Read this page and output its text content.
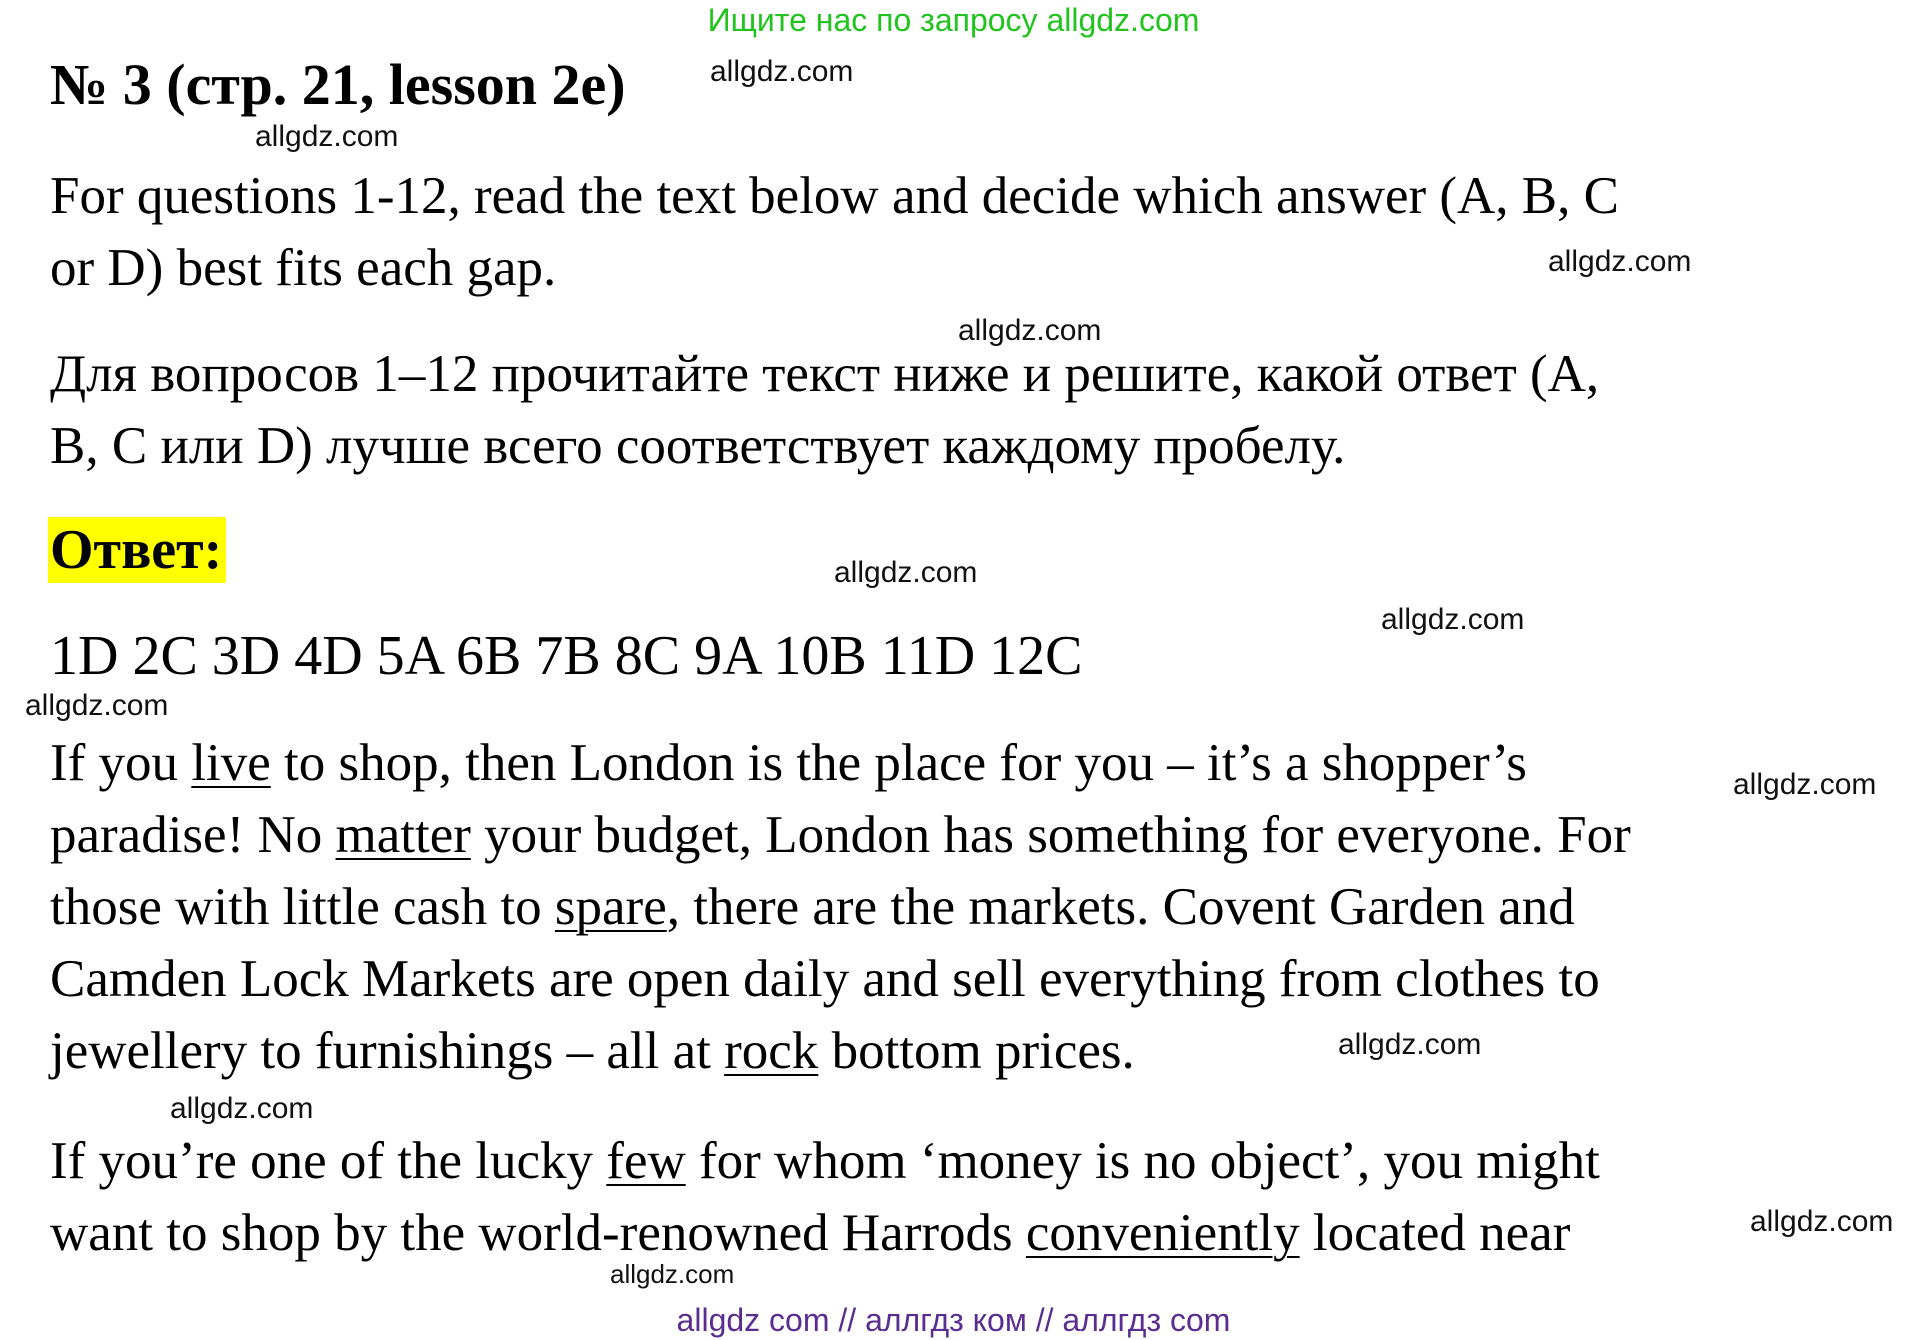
Ищите нас по запросу allgdz.com
№ 3 (стр. 21, lesson 2e)
For questions 1-12, read the text below and decide which answer (A, B, C
or D) best fits each gap.
Для вопросов 1–12 прочитайте текст ниже и решите, какой ответ (A,
B, C или D) лучше всего соответствует каждому пробелу.
Ответ:
1D 2C 3D 4D 5A 6B 7B 8C 9A 10B 11D 12C
If you live to shop, then London is the place for you – it’s a shopper’s
paradise! No matter your budget, London has something for everyone. For
those with little cash to spare, there are the markets. Covent Garden and
Camden Lock Markets are open daily and sell everything from clothes to
jewellery to furnishings – all at rock bottom prices.
If you’re one of the lucky few for whom ‘money is no object’, you might
want to shop by the world-renowned Harrods conveniently located near
allgdz.com
allgdz.com
allgdz.com
allgdz.com
allgdz.com
allgdz.com
allgdz.com
allgdz.com
allgdz.com
allgdz.com
allgdz.com
allgdz.com
allgdz com // аллгдз ком // аллгдз com
